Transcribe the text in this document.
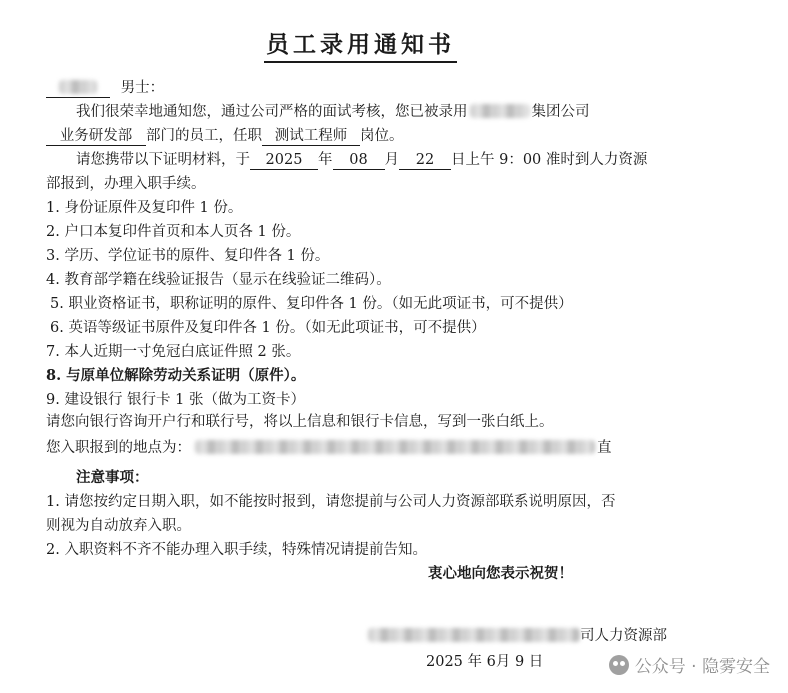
员工录用通知书
男士：
我们很荣幸地通知您，通过公司严格的面试考核，您已被录用	集团公司
业务研发部 部门的员工，任职 测试工程师 岗位。
请您携带以下证明材料，于 2025 年 08 月 22 日上午 9：00 准时到人力资源
部报到，办理入职手续。
1. 身份证原件及复印件 1 份。
2. 户口本复印件首页和本人页各 1 份。
3. 学历、学位证书的原件、复印件各 1 份。
4. 教育部学籍在线验证报告（显示在线验证二维码）。
5. 职业资格证书，职称证明的原件、复印件各 1 份。（如无此项证书，可不提供）
6. 英语等级证书原件及复印件各 1 份。（如无此项证书，可不提供）
7. 本人近期一寸免冠白底证件照 2 张。
8. 与原单位解除劳动关系证明（原件）。
9. 建设银行 银行卡 1 张（做为工资卡）
请您向银行咨询开户行和联行号，将以上信息和银行卡信息，写到一张白纸上。
您入职报到的地点为：	直
注意事项：
1. 请您按约定日期入职，如不能按时报到，请您提前与公司人力资源部联系说明原因，否
则视为自动放弃入职。
2. 入职资料不齐不能办理入职手续，特殊情况请提前告知。
衷心地向您表示祝贺！
司人力资源部
2025 年 6月 9 日	公众号 · 隐雾安全
